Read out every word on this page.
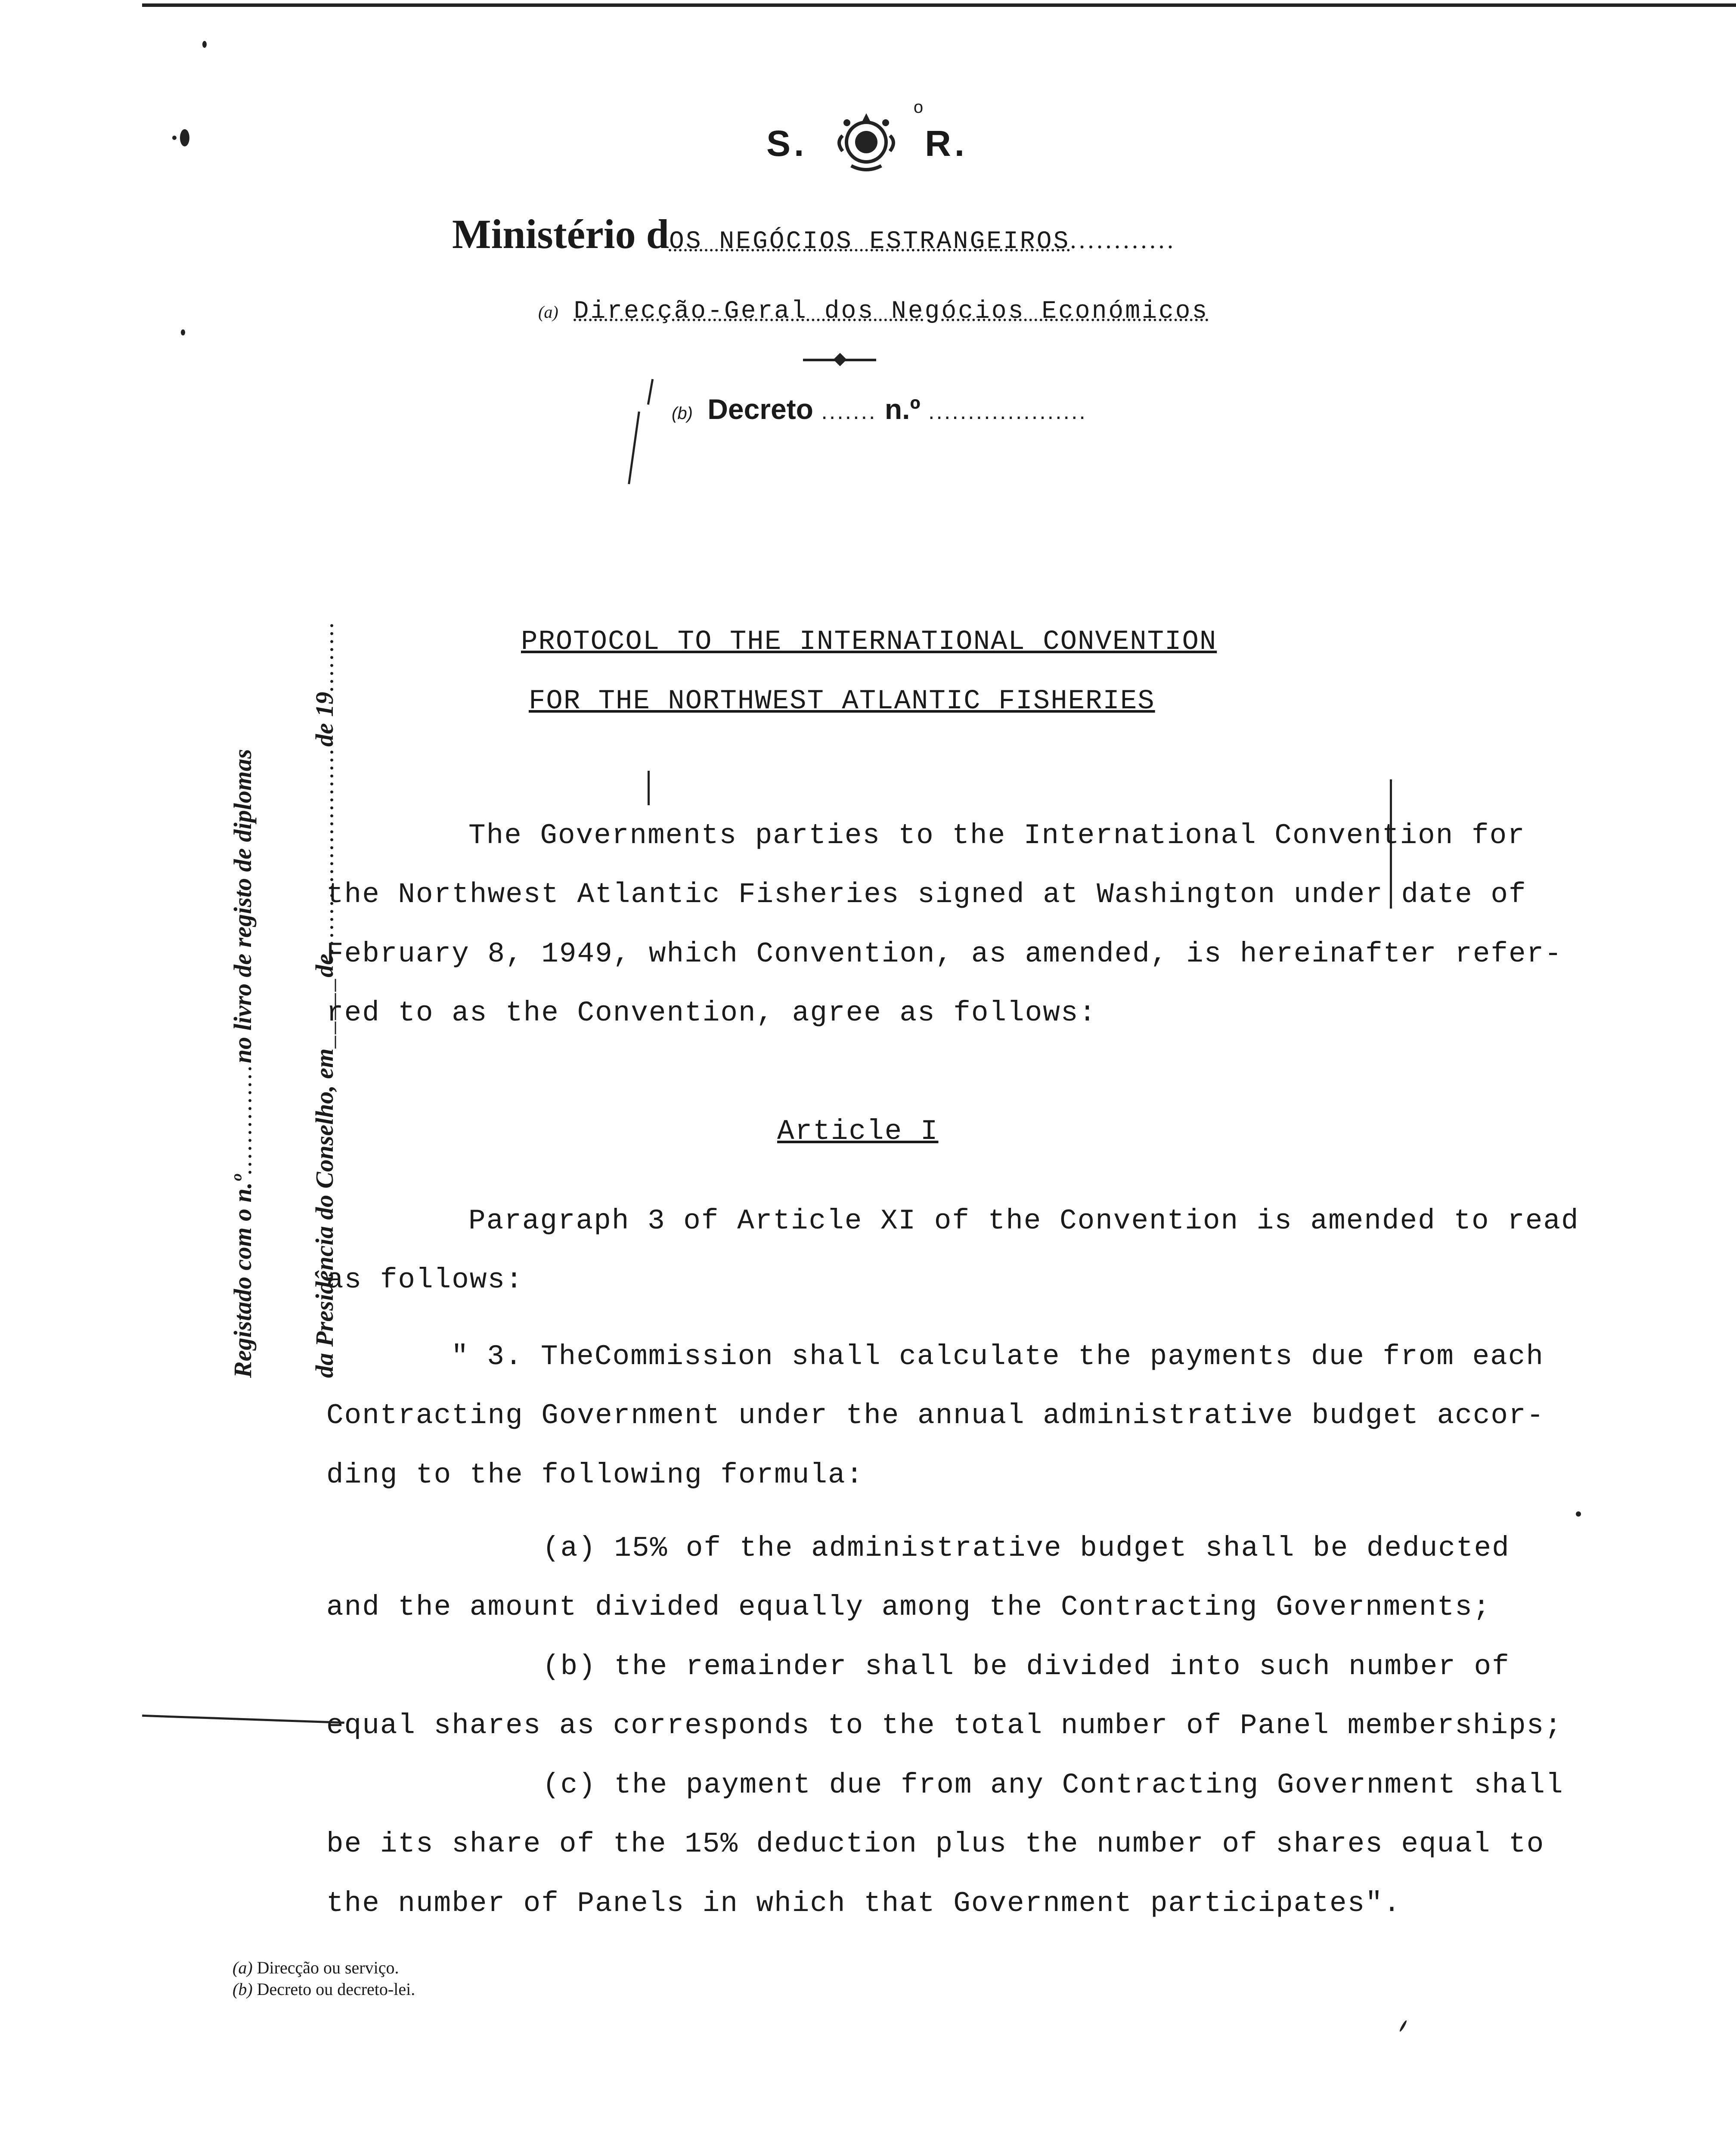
S.
o
R.
Ministério dOS NEGÓCIOS ESTRANGEIROS............
(a) Direcção-Geral dos Negócios Económicos
(b) Decreto ....... n.º ....................
Registado com o n.º..............no livro de registo de diplomas
da Presidência do Conselho, em_____de..........................de 19.........	PROTOCOL TO THE INTERNATIONAL CONVENTION
FOR THE NORTHWEST ATLANTIC FISHERIES
The Governments parties to the International Convention for
the Northwest Atlantic Fisheries signed at Washington under date of
February 8, 1949, which Convention, as amended, is hereinafter refer-
red to as the Convention, agree as follows:
Article I
Paragraph 3 of Article XI of the Convention is amended to read
as follows:
" 3. TheCommission shall calculate the payments due from each
Contracting Government under the annual administrative budget accor-
ding to the following formula:
(a) 15% of the administrative budget shall be deducted
and the amount divided equally among the Contracting Governments;
(b) the remainder shall be divided into such number of
equal shares as corresponds to the total number of Panel memberships;
(c) the payment due from any Contracting Government shall
be its share of the 15% deduction plus the number of shares equal to
the number of Panels in which that Government participates".
(a) Direcção ou serviço.
(b) Decreto ou decreto-lei.
